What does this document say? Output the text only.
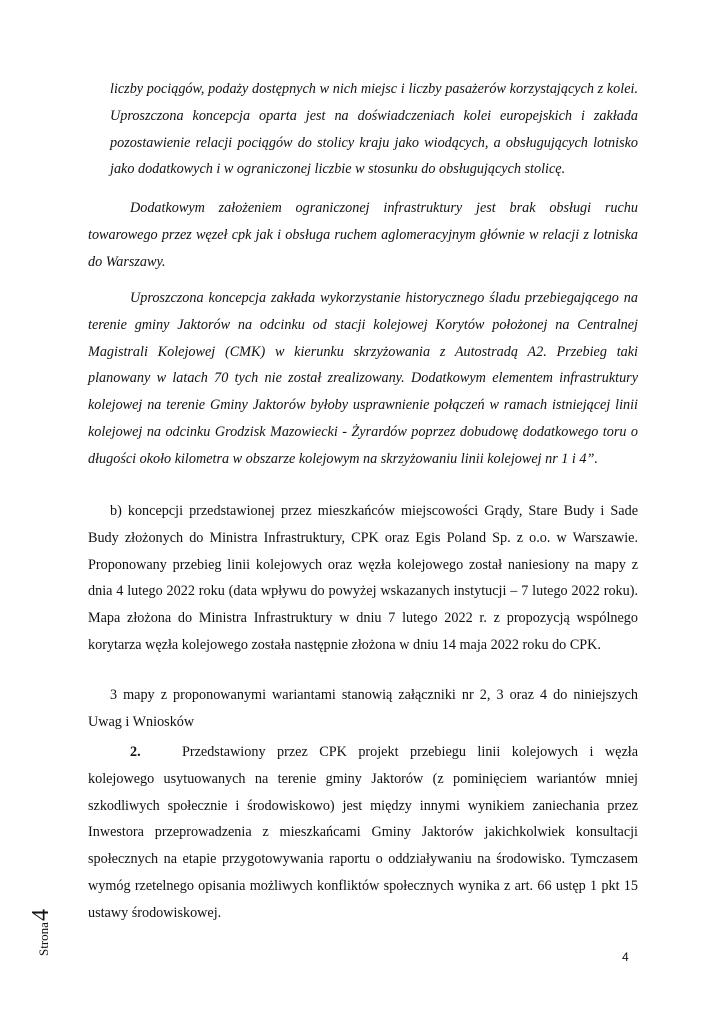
liczby pociągów, podaży dostępnych w nich miejsc i liczby pasażerów korzystających z kolei. Uproszczona koncepcja oparta jest na doświadczeniach kolei europejskich i zakłada pozostawienie relacji pociągów do stolicy kraju jako wiodących, a obsługujących lotnisko jako dodatkowych i w ograniczonej liczbie w stosunku do obsługujących stolicę.

Dodatkowym założeniem ograniczonej infrastruktury jest brak obsługi ruchu towarowego przez węzeł cpk jak i obsługa ruchem aglomeracyjnym głównie w relacji z lotniska do Warszawy.

Uproszczona koncepcja zakłada wykorzystanie historycznego śladu przebiegającego na terenie gminy Jaktorów na odcinku od stacji kolejowej Korytów położonej na Centralnej Magistrali Kolejowej (CMK) w kierunku skrzyżowania z Autostradą A2. Przebieg taki planowany w latach 70 tych nie został zrealizowany. Dodatkowym elementem infrastruktury kolejowej na terenie Gminy Jaktorów byłoby usprawnienie połączeń w ramach istniejącej linii kolejowej na odcinku Grodzisk Mazowiecki - Żyrardów poprzez dobudowę dodatkowego toru o długości około kilometra w obszarze kolejowym na skrzyżowaniu linii kolejowej nr 1 i 4”.

b) koncepcji przedstawionej przez mieszkańców miejscowości Grądy, Stare Budy i Sade Budy złożonych do Ministra Infrastruktury, CPK oraz Egis Poland Sp. z o.o. w Warszawie. Proponowany przebieg linii kolejowych oraz węzła kolejowego został naniesiony na mapy z dnia 4 lutego 2022 roku (data wpływu do powyżej wskazanych instytucji – 7 lutego 2022 roku). Mapa złożona do Ministra Infrastruktury w dniu 7 lutego 2022 r. z propozycją wspólnego korytarza węzła kolejowego została następnie złożona w dniu 14 maja 2022 roku do CPK.

3 mapy z proponowanymi wariantami stanowią załączniki nr 2, 3 oraz 4 do niniejszych Uwag i Wniosków

2.	Przedstawiony przez CPK projekt przebiegu linii kolejowych i węzła kolejowego usytuowanych na terenie gminy Jaktorów (z pominięciem wariantów mniej szkodliwych społecznie i środowiskowo) jest między innymi wynikiem zaniechania przez Inwestora przeprowadzenia z mieszkańcami Gminy Jaktorów jakichkolwiek konsultacji społecznych na etapie przygotowywania raportu o oddziaływaniu na środowisko. Tymczasem wymóg rzetelnego opisania możliwych konfliktów społecznych wynika z art. 66 ustęp 1 pkt 15 ustawy środowiskowej.

Strona4
4
